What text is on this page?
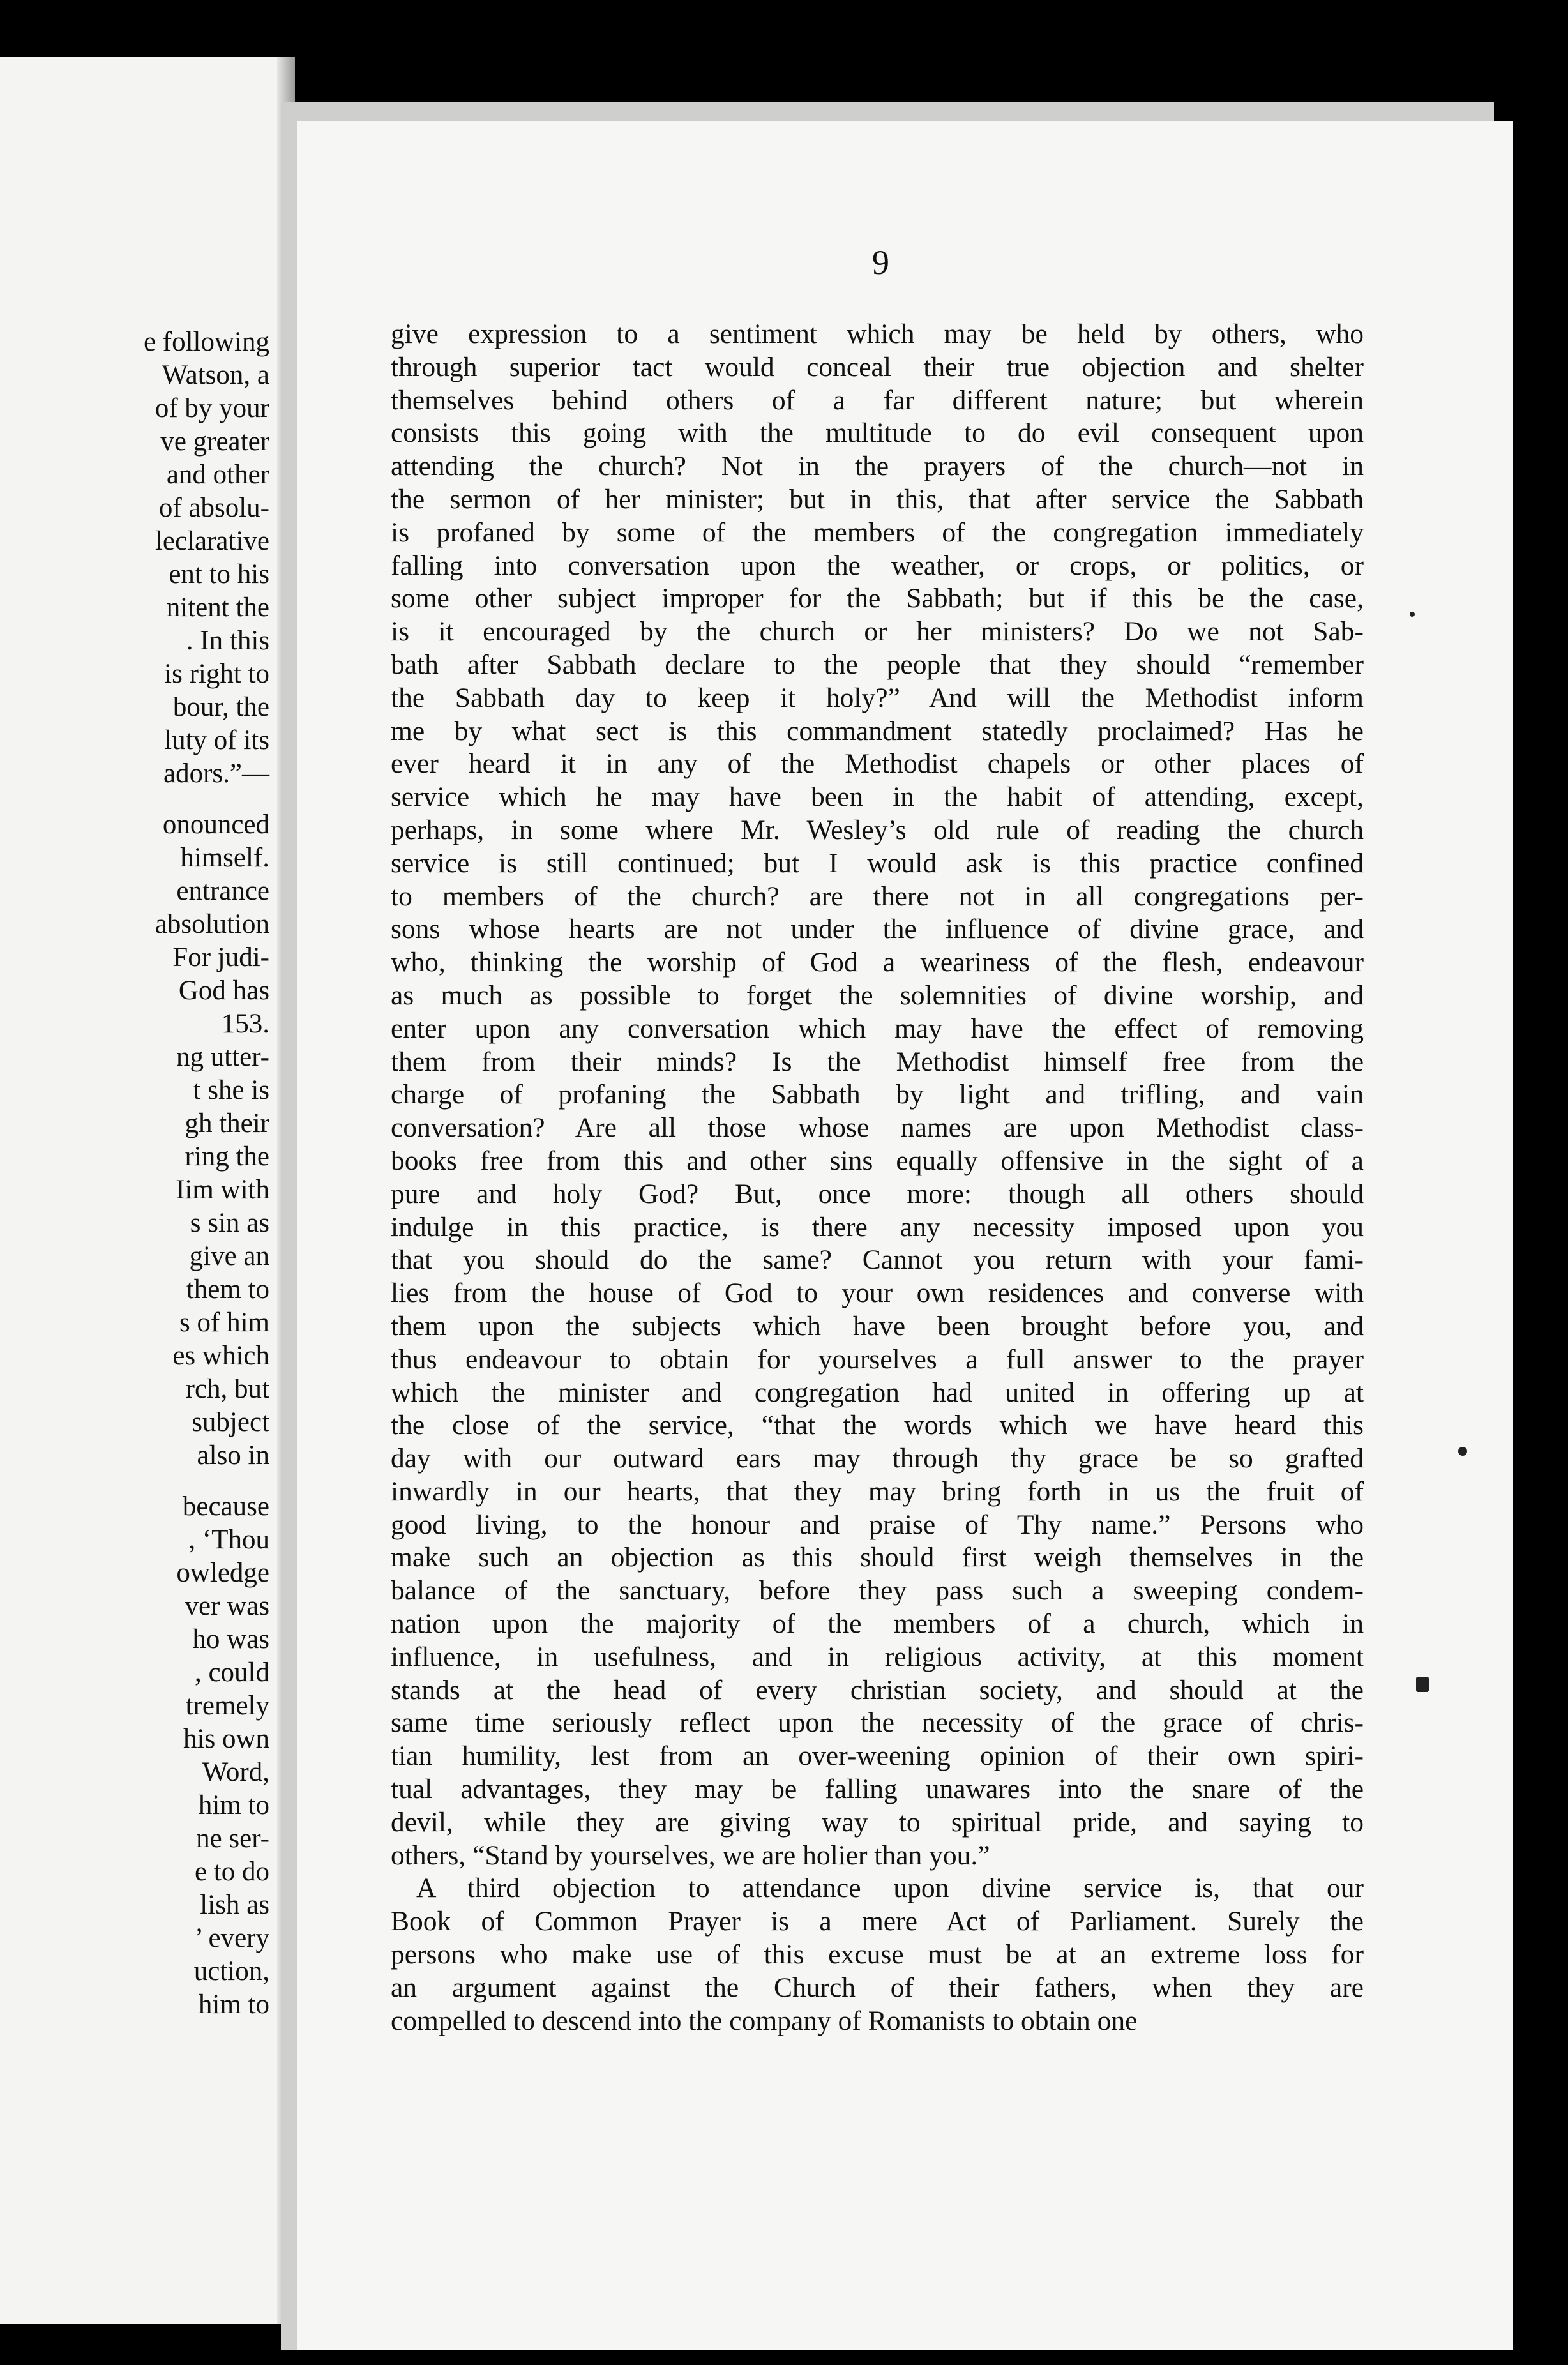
e following
Watson, a
of by your
ve greater
and other
of absolu-
leclarative
ent to his
nitent the
. In this
is right to
bour, the
luty of its
adors.”—
onounced
himself.
entrance
absolution
For judi-
God has
153.
ng utter-
t she is
gh their
ring the
Iim with
s sin as
give an
them to
s of him
es which
rch, but
subject
also in
because
, ‘Thou
owledge
ver was
ho was
, could
tremely
his own
Word,
him to
ne ser-
e to do
lish as
’ every
uction,
him to
9
give expression to a sentiment which may be held by others, who
through superior tact would conceal their true objection and shelter
themselves behind others of a far different nature; but wherein
consists this going with the multitude to do evil consequent upon
attending the church? Not in the prayers of the church—not in
the sermon of her minister; but in this, that after service the Sabbath
is profaned by some of the members of the congregation immediately
falling into conversation upon the weather, or crops, or politics, or
some other subject improper for the Sabbath; but if this be the case,
is it encouraged by the church or her ministers? Do we not Sab-
bath after Sabbath declare to the people that they should “remember
the Sabbath day to keep it holy?” And will the Methodist inform
me by what sect is this commandment statedly proclaimed? Has he
ever heard it in any of the Methodist chapels or other places of
service which he may have been in the habit of attending, except,
perhaps, in some where Mr. Wesley’s old rule of reading the church
service is still continued; but I would ask is this practice confined
to members of the church? are there not in all congregations per-
sons whose hearts are not under the influence of divine grace, and
who, thinking the worship of God a weariness of the flesh, endeavour
as much as possible to forget the solemnities of divine worship, and
enter upon any conversation which may have the effect of removing
them from their minds? Is the Methodist himself free from the
charge of profaning the Sabbath by light and trifling, and vain
conversation? Are all those whose names are upon Methodist class-
books free from this and other sins equally offensive in the sight of a
pure and holy God? But, once more: though all others should
indulge in this practice, is there any necessity imposed upon you
that you should do the same? Cannot you return with your fami-
lies from the house of God to your own residences and converse with
them upon the subjects which have been brought before you, and
thus endeavour to obtain for yourselves a full answer to the prayer
which the minister and congregation had united in offering up at
the close of the service, “that the words which we have heard this
day with our outward ears may through thy grace be so grafted
inwardly in our hearts, that they may bring forth in us the fruit of
good living, to the honour and praise of Thy name.” Persons who
make such an objection as this should first weigh themselves in the
balance of the sanctuary, before they pass such a sweeping condem-
nation upon the majority of the members of a church, which in
influence, in usefulness, and in religious activity, at this moment
stands at the head of every christian society, and should at the
same time seriously reflect upon the necessity of the grace of chris-
tian humility, lest from an over-weening opinion of their own spiri-
tual advantages, they may be falling unawares into the snare of the
devil, while they are giving way to spiritual pride, and saying to
others, “Stand by yourselves, we are holier than you.”
A third objection to attendance upon divine service is, that our
Book of Common Prayer is a mere Act of Parliament. Surely the
persons who make use of this excuse must be at an extreme loss for
an argument against the Church of their fathers, when they are
compelled to descend into the company of Romanists to obtain one
